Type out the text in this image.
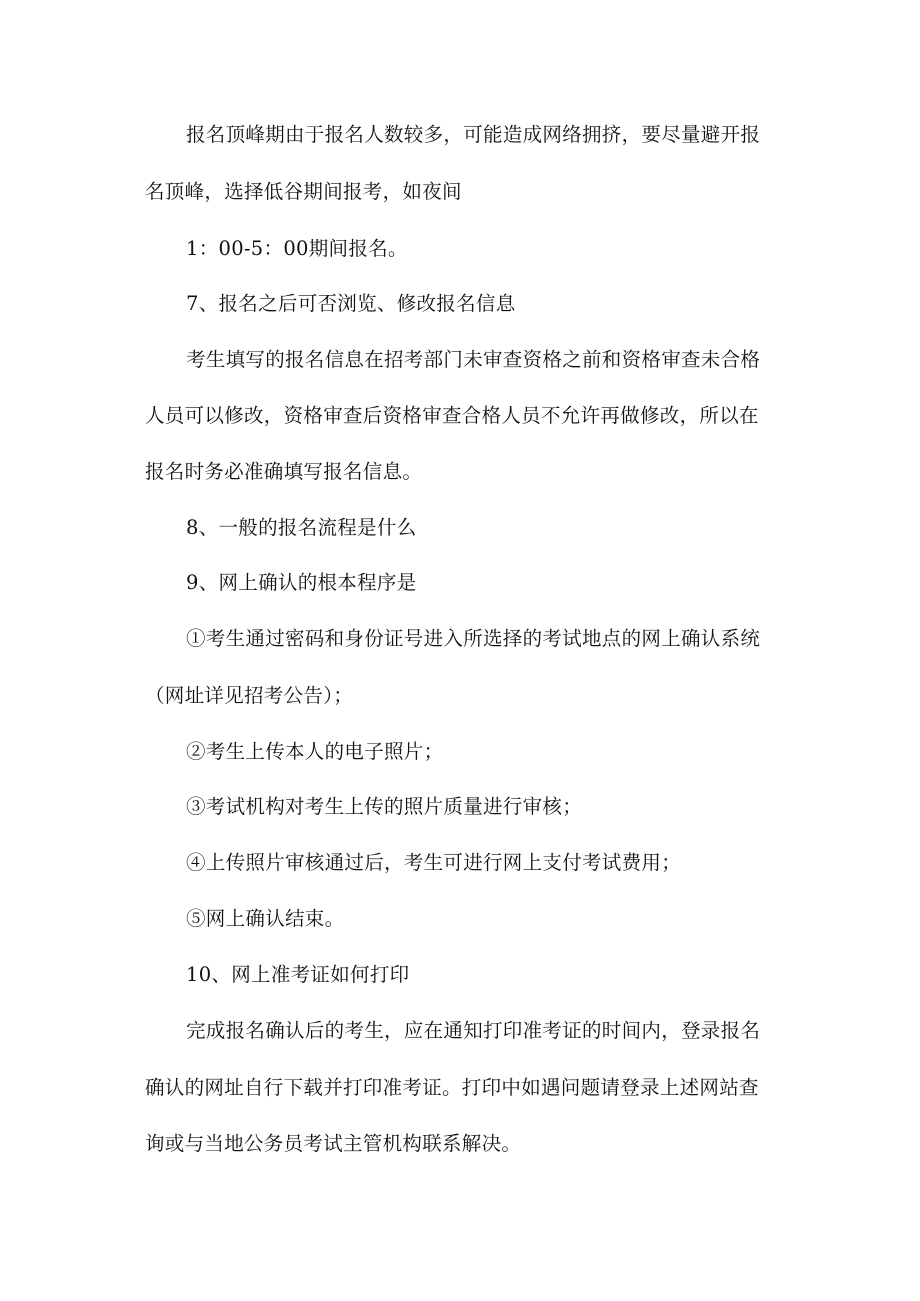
报名顶峰期由于报名人数较多，可能造成网络拥挤，要尽量避开报
名顶峰，选择低谷期间报考，如夜间
1：00-5：00期间报名。
7、报名之后可否浏览、修改报名信息
考生填写的报名信息在招考部门未审查资格之前和资格审查未合格
人员可以修改，资格审查后资格审查合格人员不允许再做修改，所以在
报名时务必准确填写报名信息。
8、一般的报名流程是什么
9、网上确认的根本程序是
①考生通过密码和身份证号进入所选择的考试地点的网上确认系统
（网址详见招考公告）；
②考生上传本人的电子照片；
③考试机构对考生上传的照片质量进行审核；
④上传照片审核通过后，考生可进行网上支付考试费用；
⑤网上确认结束。
10、网上准考证如何打印
完成报名确认后的考生，应在通知打印准考证的时间内，登录报名
确认的网址自行下载并打印准考证。打印中如遇问题请登录上述网站查
询或与当地公务员考试主管机构联系解决。
